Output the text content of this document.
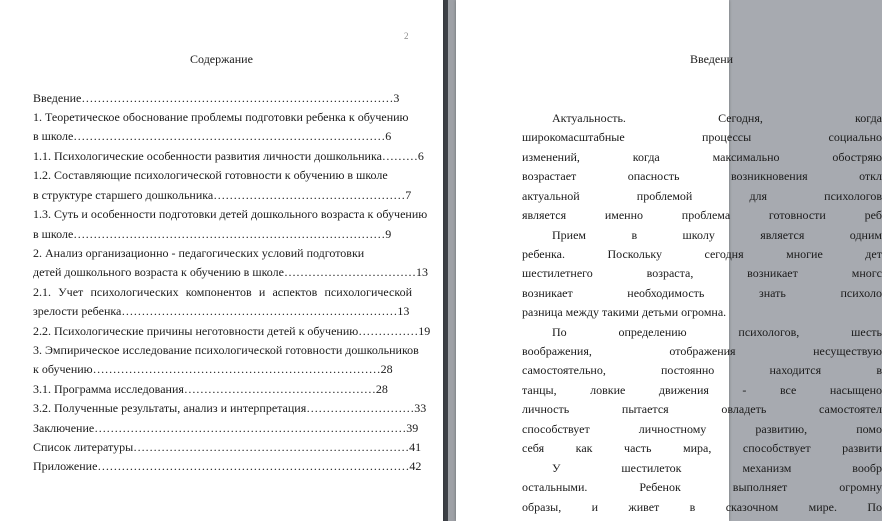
2
Содержание
Введение……………………………………………………………………3
1. Теоретическое обоснование проблемы подготовки ребенка к обучению
в школе……………………………………………………………………6
1.1. Психологические особенности развития личности дошкольника………6
1.2. Составляющие психологической готовности к обучению в школе
в структуре старшего дошкольника…………………………………………7
1.3. Суть и особенности подготовки детей дошкольного возраста к обучению
в школе……………………………………………………………………9
2. Анализ организационно - педагогических условий подготовки
детей дошкольного возраста к обучению в школе……………………………13
2.1. Учет психологических компонентов и аспектов психологической
зрелости ребенка……………………………………………………………13
2.2. Психологические причины неготовности детей к обучению……………19
3. Эмпирическое исследование психологической готовности дошкольников
к обучению………………………………………………………………28
3.1. Программа исследования…………………………………………28
3.2. Полученные результаты, анализ и интерпретация………………………33
Заключение……………………………………………………………………39
Список литературы……………………………………………………………41
Приложение……………………………………………………………………42
Введени
Актуальность. Сегодня, когда
широкомасштабные процессы социально
изменений, когда максимально обостряю
возрастает опасность возникновения откл
актуальной проблемой для психологов
является именно проблема готовности реб
Прием в школу является одним
ребенка. Поскольку сегодня многие дет
шестилетнего возраста, возникает многс
возникает необходимость знать психоло
разница между такими детьми огромна.
По определению психологов, шесть
воображения, отображения несуществую
самостоятельно, постоянно находится в
танцы, ловкие движения - все насыщено
личность пытается овладеть самостоятел
способствует личностному развитию, помо
себя как часть мира, способствует развити
У шестилеток механизм вообр
остальными. Ребенок выполняет огромну
образы, и живет в сказочном мире. По
